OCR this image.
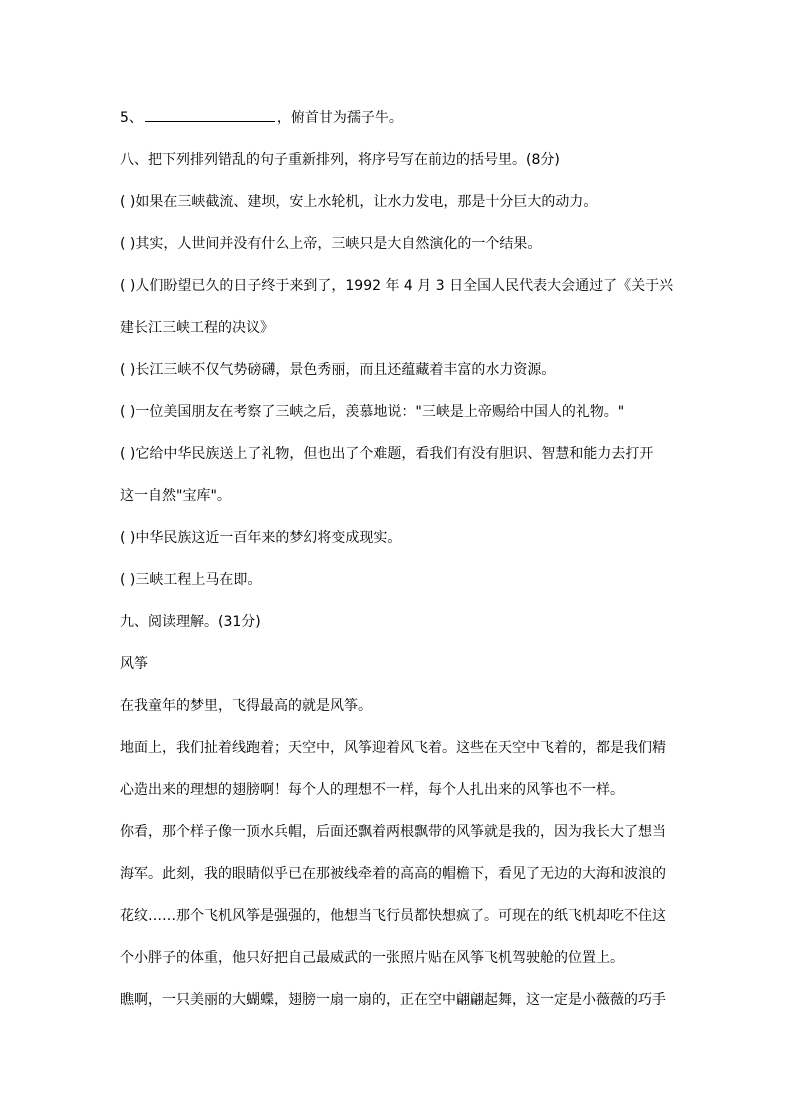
5、	，俯首甘为孺子牛。
八、把下列排列错乱的句子重新排列，将序号写在前边的括号里。(8分)
( )如果在三峡截流、建坝，安上水轮机，让水力发电，那是十分巨大的动力。
( )其实，人世间并没有什么上帝，三峡只是大自然演化的一个结果。
( )人们盼望已久的日子终于来到了，1992 年 4 月 3 日全国人民代表大会通过了《关于兴
建长江三峡工程的决议》
( )长江三峡不仅气势磅礴，景色秀丽，而且还蕴藏着丰富的水力资源。
( )一位美国朋友在考察了三峡之后，羡慕地说："三峡是上帝赐给中国人的礼物。"
( )它给中华民族送上了礼物，但也出了个难题，看我们有没有胆识、智慧和能力去打开
这一自然"宝库"。
( )中华民族这近一百年来的梦幻将变成现实。
( )三峡工程上马在即。
九、阅读理解。(31分)
风筝
在我童年的梦里，飞得最高的就是风筝。
地面上，我们扯着线跑着；天空中，风筝迎着风飞着。这些在天空中飞着的，都是我们精
心造出来的理想的翅膀啊！每个人的理想不一样，每个人扎出来的风筝也不一样。
你看，那个样子像一顶水兵帽，后面还飘着两根飘带的风筝就是我的，因为我长大了想当
海军。此刻，我的眼睛似乎已在那被线牵着的高高的帽檐下，看见了无边的大海和波浪的
花纹……那个飞机风筝是强强的，他想当飞行员都快想疯了。可现在的纸飞机却吃不住这
个小胖子的体重，他只好把自己最威武的一张照片贴在风筝飞机驾驶舱的位置上。
瞧啊，一只美丽的大蝴蝶，翅膀一扇一扇的，正在空中翩翩起舞，这一定是小薇薇的巧手
